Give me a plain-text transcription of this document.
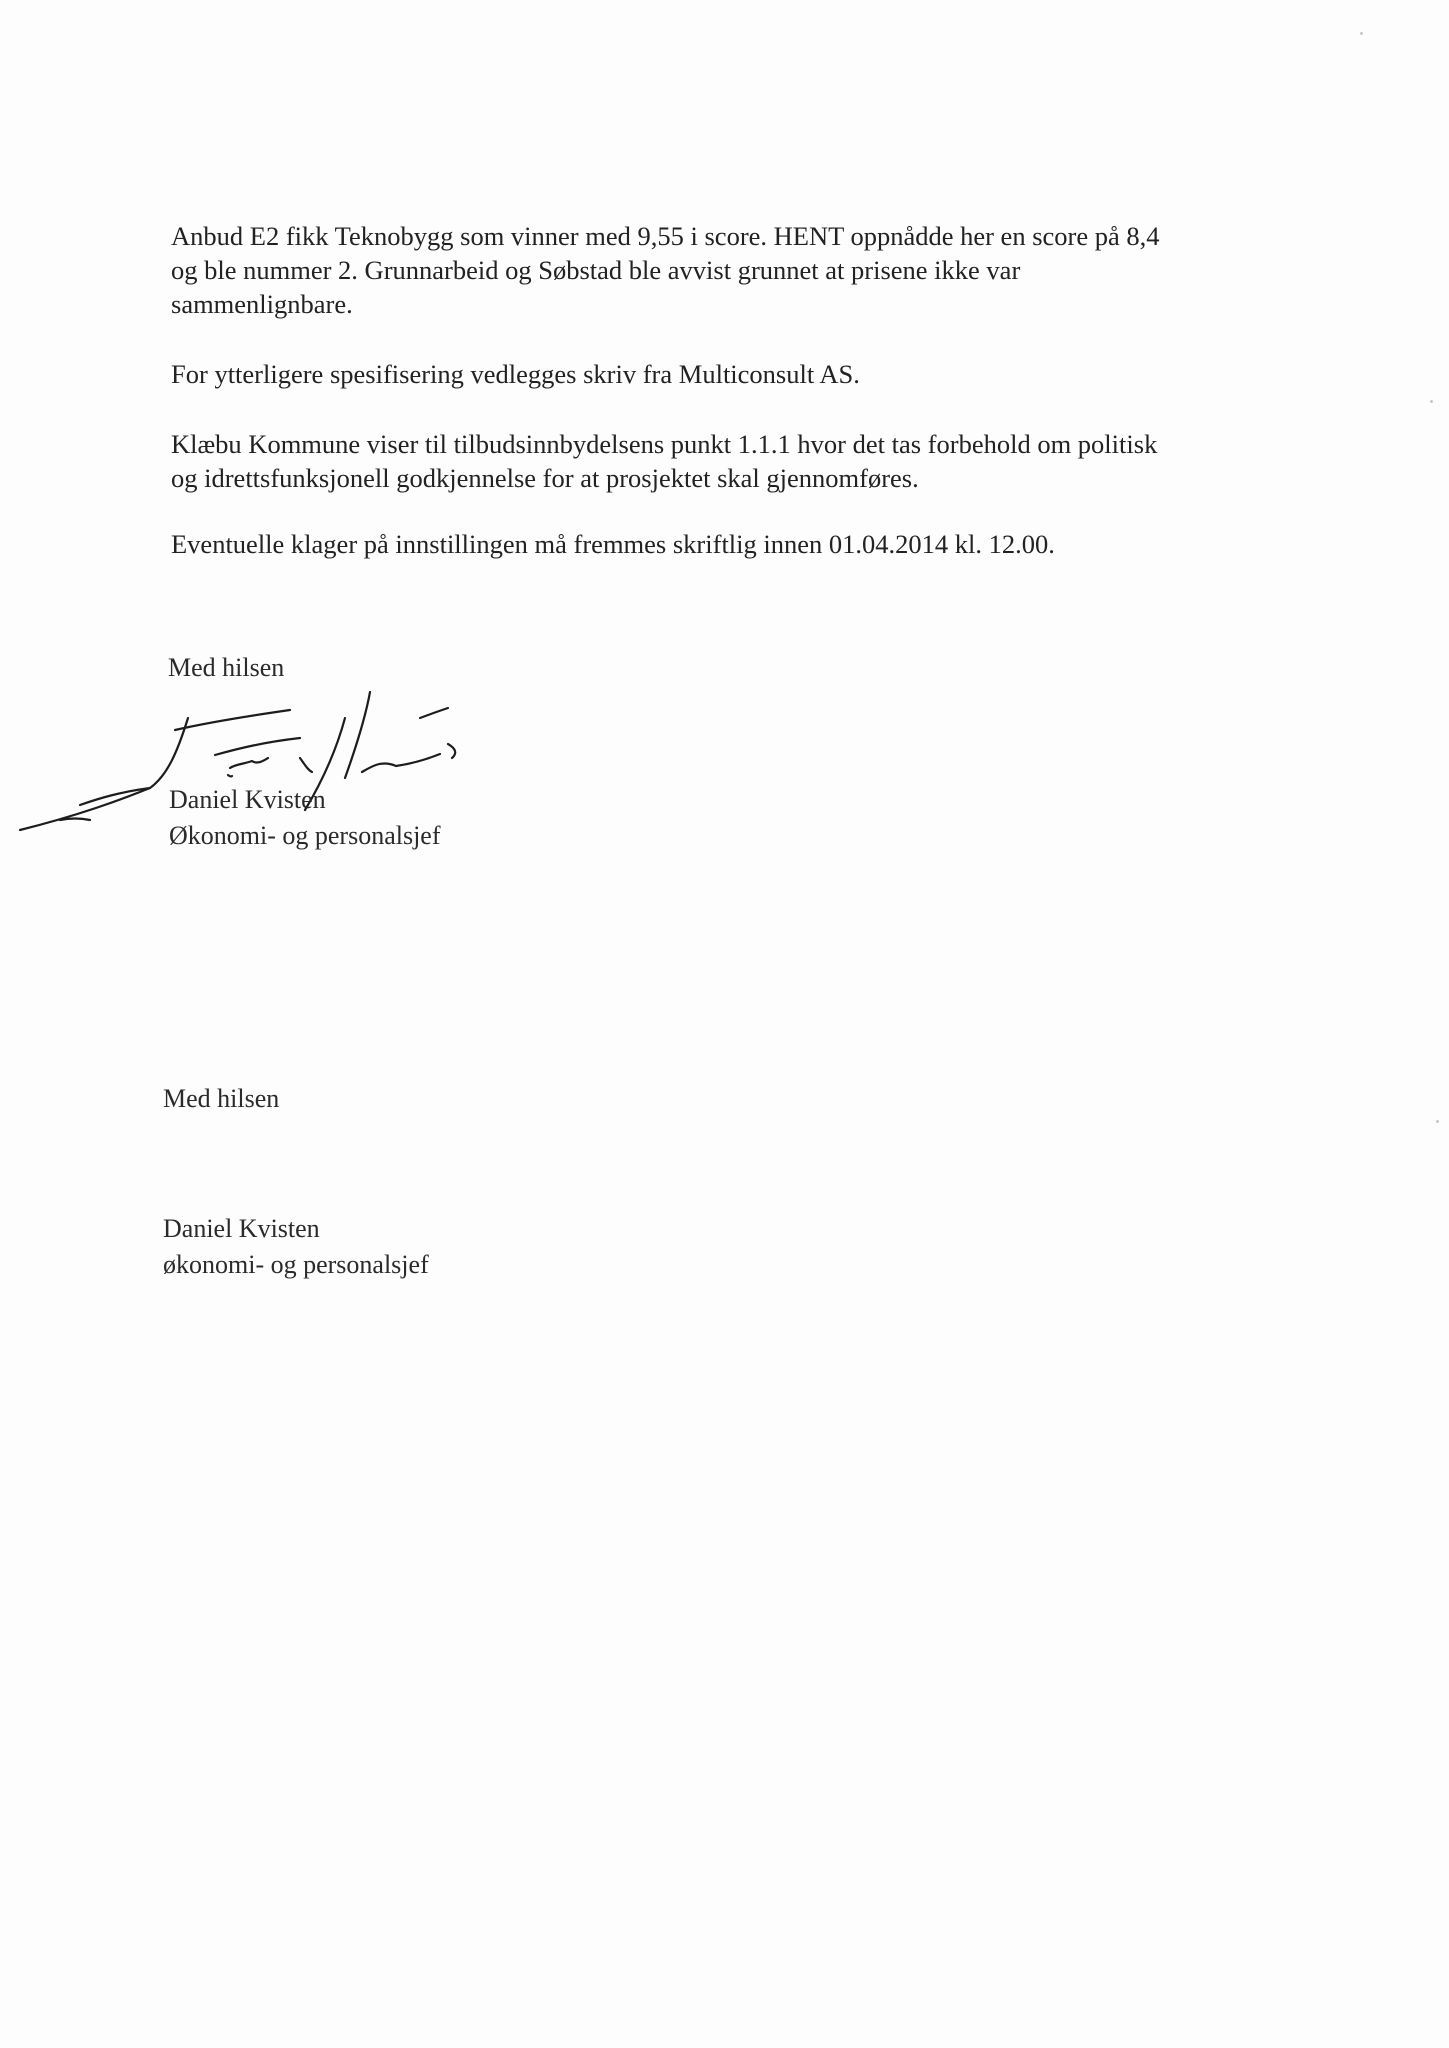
Anbud E2 fikk Teknobygg som vinner med 9,55 i score. HENT oppnådde her en score på 8,4
og ble nummer 2. Grunnarbeid og Søbstad ble avvist grunnet at prisene ikke var
sammenlignbare.
For ytterligere spesifisering vedlegges skriv fra Multiconsult AS.
Klæbu Kommune viser til tilbudsinnbydelsens punkt 1.1.1 hvor det tas forbehold om politisk
og idrettsfunksjonell godkjennelse for at prosjektet skal gjennomføres.
Eventuelle klager på innstillingen må fremmes skriftlig innen 01.04.2014 kl. 12.00.
Med hilsen
Daniel Kvisten
Økonomi- og personalsjef
Med hilsen
Daniel Kvisten
økonomi- og personalsjef
